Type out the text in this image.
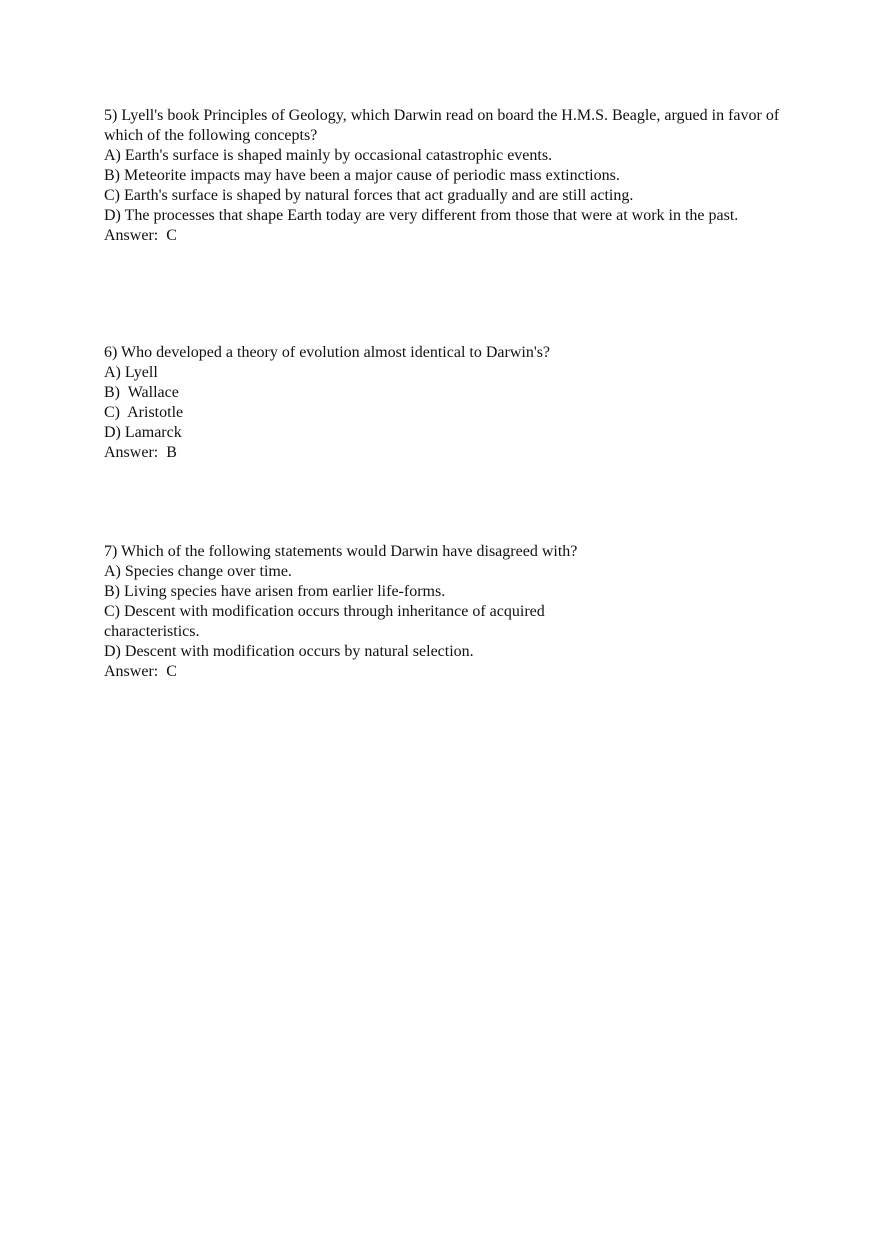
5) Lyell's book Principles of Geology, which Darwin read on board the H.M.S. Beagle, argued in favor of which of the following concepts?
A) Earth's surface is shaped mainly by occasional catastrophic events.
B) Meteorite impacts may have been a major cause of periodic mass extinctions.
C) Earth's surface is shaped by natural forces that act gradually and are still acting.
D) The processes that shape Earth today are very different from those that were at work in the past.
Answer:  C
6) Who developed a theory of evolution almost identical to Darwin's?
A) Lyell
B)  Wallace
C)  Aristotle
D) Lamarck
Answer:  B
7) Which of the following statements would Darwin have disagreed with?
A) Species change over time.
B) Living species have arisen from earlier life-forms.
C) Descent with modification occurs through inheritance of acquired
characteristics.
D) Descent with modification occurs by natural selection.
Answer:  C
